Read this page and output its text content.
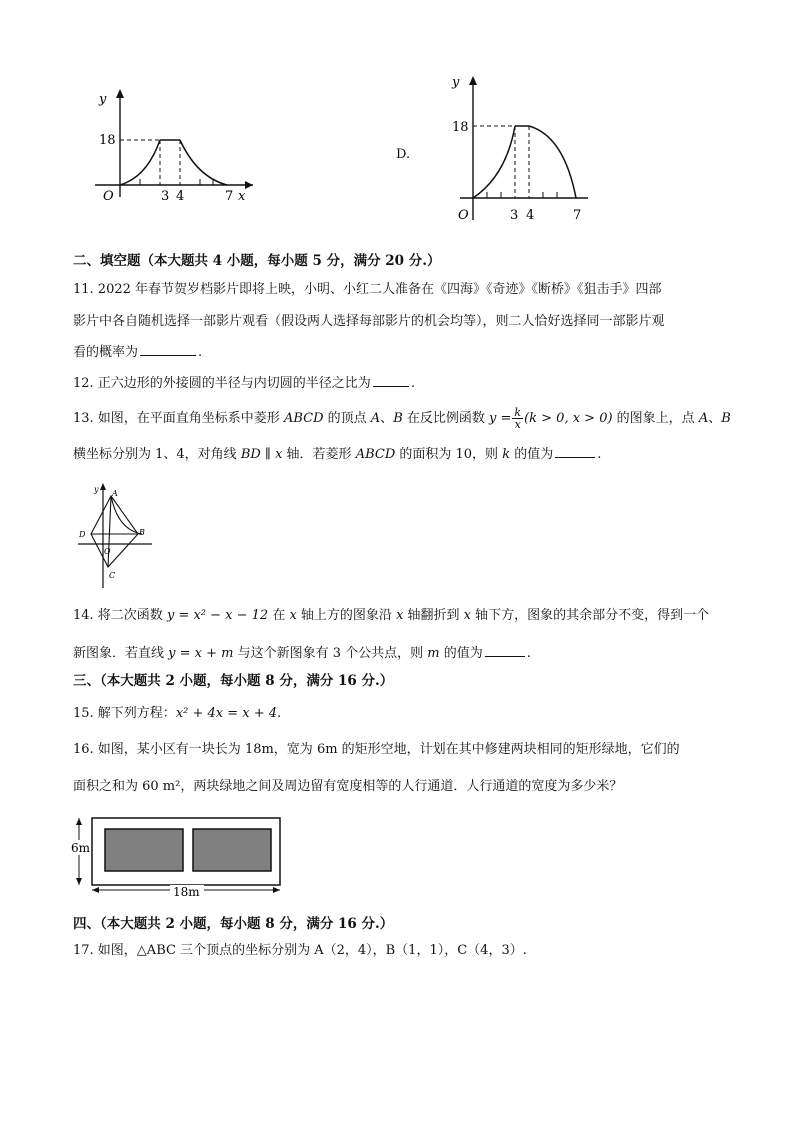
y
O
18
3 4	7 x
D.
y
O
18
3 4	7
二、填空题（本大题共 4 小题，每小题 5 分，满分 20 分.）
11. 2022 年春节贺岁档影片即将上映，小明、小红二人准备在《四海》《奇迹》《断桥》《狙击手》四部
影片中各自随机选择一部影片观看（假设两人选择每部影片的机会均等），则二人恰好选择同一部影片观
看的概率为	.
12. 正六边形的外接圆的半径与内切圆的半径之比为	.
13. 如图，在平面直角坐标系中菱形 ABCD 的顶点 A、B 在反比例函数 $y = \frac{k}{x} (k > 0$, x > 0) 的图象上，点 A、B
横坐标分别为 1、4，对角线 BD ∥ x 轴．若菱形 ABCD 的面积为 10，则 k 的值为	.
y A
B
D
O
C
14. 将二次函数 y = x² − x − 12 在 x 轴上方的图象沿 x 轴翻折到 x 轴下方，图象的其余部分不变，得到一个
新图象．若直线 y = x + m 与这个新图象有 3 个公共点，则 m 的值为	.
三、（本大题共 2 小题，每小题 8 分，满分 16 分.）
15. 解下列方程：x² + 4x = x + 4.
16. 如图，某小区有一块长为 18m，宽为 6m 的矩形空地，计划在其中修建两块相同的矩形绿地，它们的
面积之和为 60 m²，两块绿地之间及周边留有宽度相等的人行通道．人行通道的宽度为多少米？
6m
18m
四、（本大题共 2 小题，每小题 8 分，满分 16 分.）
17. 如图，△ABC 三个顶点的坐标分别为 A（2，4），B（1，1），C（4，3）.
